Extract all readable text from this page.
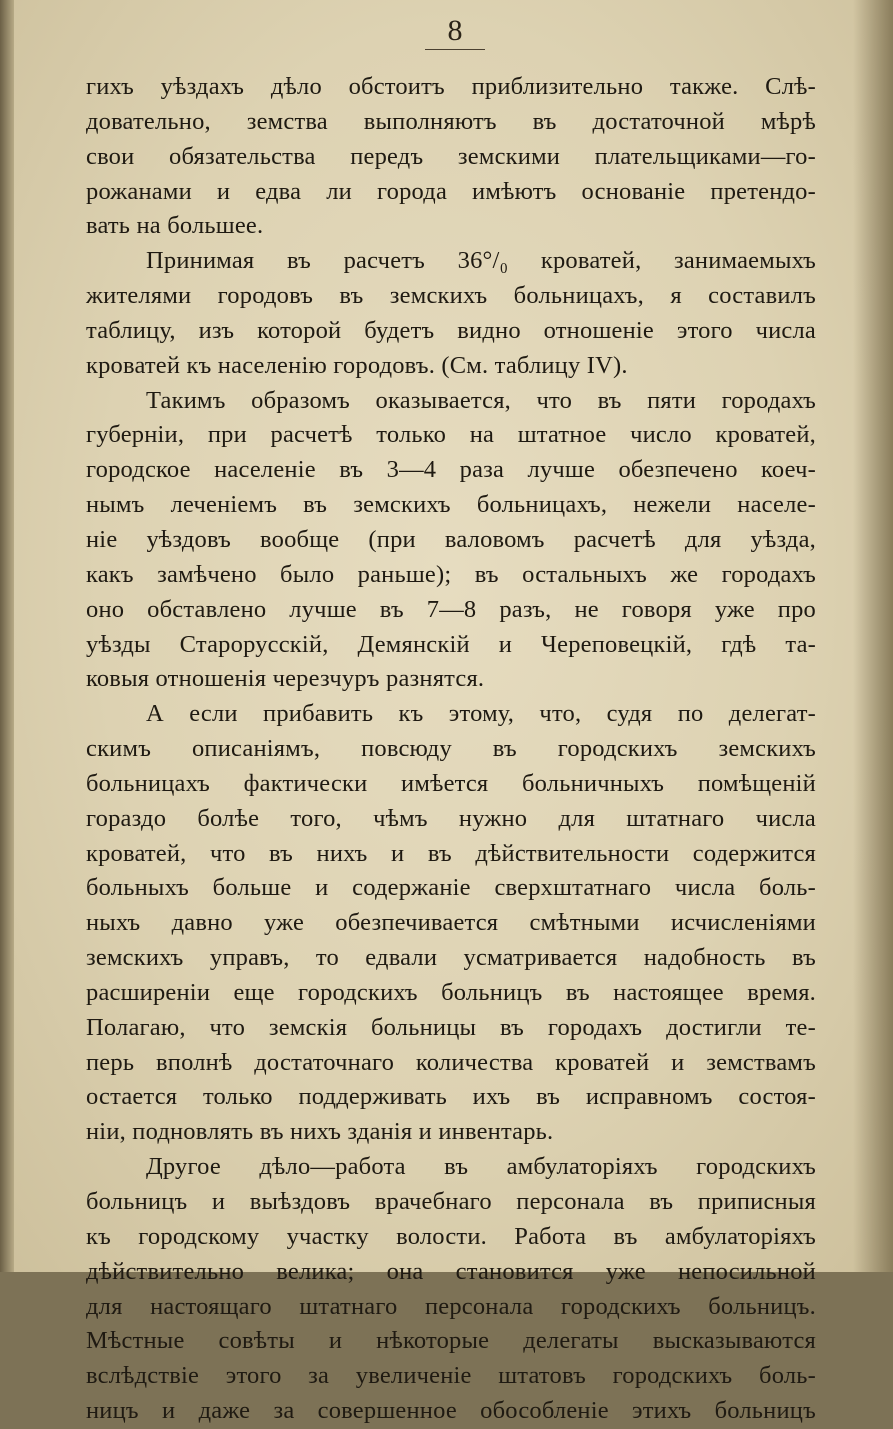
8
гихъ уѣздахъ дѣло обстоитъ приблизительно также. Слѣ-
довательно, земства выполняютъ въ достаточной мѣрѣ
свои обязательства передъ земскими плательщиками—го-
рожанами и едва ли города имѣютъ основаніе претендо-
вать на большее.
Принимая въ расчетъ 36°/₀ кроватей, занимаемыхъ
жителями городовъ въ земскихъ больницахъ, я составилъ
таблицу, изъ которой будетъ видно отношеніе этого числа
кроватей къ населенію городовъ. (См. таблицу IV).
Такимъ образомъ оказывается, что въ пяти городахъ
губерніи, при расчетѣ только на штатное число кроватей,
городское населеніе въ 3—4 раза лучше обезпечено коеч-
нымъ леченіемъ въ земскихъ больницахъ, нежели населе-
ніе уѣздовъ вообще (при валовомъ расчетѣ для уѣзда,
какъ замѣчено было раньше); въ остальныхъ же городахъ
оно обставлено лучше въ 7—8 разъ, не говоря уже про
уѣзды Старорусскій, Демянскій и Череповецкій, гдѣ та-
ковыя отношенія черезчуръ разнятся.
А если прибавить къ этому, что, судя по делегат-
скимъ описаніямъ, повсюду въ городскихъ земскихъ
больницахъ фактически имѣется больничныхъ помѣщеній
гораздо болѣе того, чѣмъ нужно для штатнаго числа
кроватей, что въ нихъ и въ дѣйствительности содержится
больныхъ больше и содержаніе сверхштатнаго числа боль-
ныхъ давно уже обезпечивается смѣтными исчисленіями
земскихъ управъ, то едвали усматривается надобность въ
расширеніи еще городскихъ больницъ въ настоящее время.
Полагаю, что земскія больницы въ городахъ достигли те-
перь вполнѣ достаточнаго количества кроватей и земствамъ
остается только поддерживать ихъ въ исправномъ состоя-
ніи, подновлять въ нихъ зданія и инвентарь.
Другое дѣло—работа въ амбулаторіяхъ городскихъ
больницъ и выѣздовъ врачебнаго персонала въ приписныя
къ городскому участку волости. Работа въ амбулаторіяхъ
дѣйствительно велика; она становится уже непосильной
для настоящаго штатнаго персонала городскихъ больницъ.
Мѣстные совѣты и нѣкоторые делегаты высказываются
вслѣдствіе этого за увеличеніе штатовъ городскихъ боль-
ницъ и даже за совершенное обособленіе этихъ больницъ
